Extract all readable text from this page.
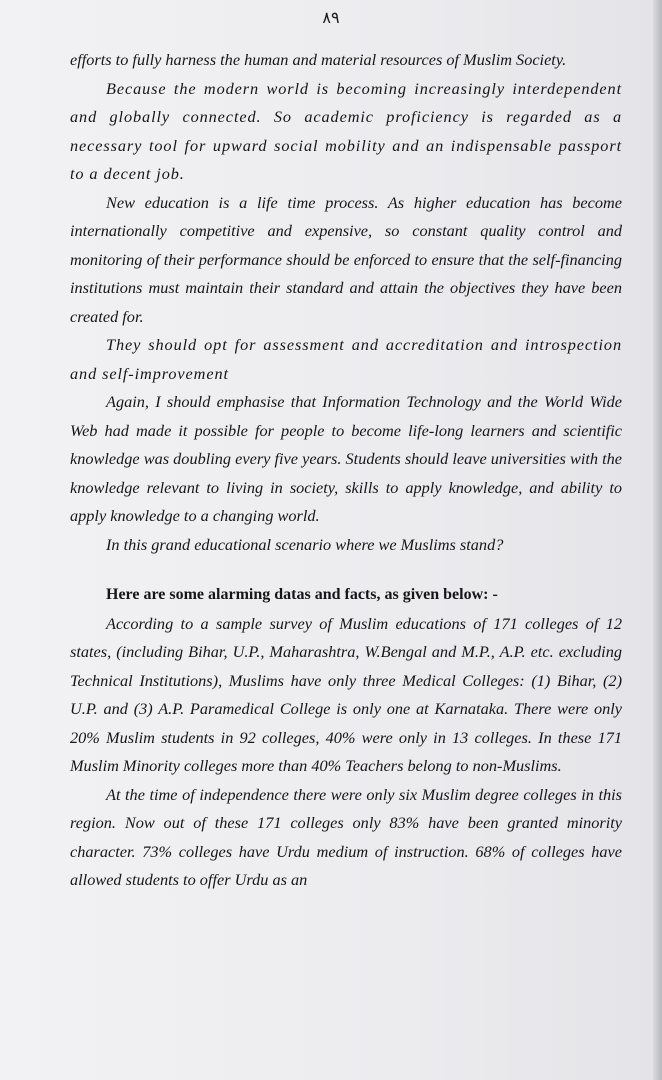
٨٩

efforts to fully harness the human and material resources of Muslim Society.

Because the modern world is becoming increasingly interdependent and globally connected. So academic proficiency is regarded as a necessary tool for upward social mobility and an indispensable passport to a decent job.

New education is a life time process. As higher education has become internationally competitive and expensive, so constant quality control and monitoring of their performance should be enforced to ensure that the self-financing institutions must maintain their standard and attain the objectives they have been created for.

They should opt for assessment and accreditation and introspection and self-improvement

Again, I should emphasise that Information Technology and the World Wide Web had made it possible for people to become life-long learners and scientific knowledge was doubling every five years. Students should leave universities with the knowledge relevant to living in society, skills to apply knowledge, and ability to apply knowledge to a changing world.

In this grand educational scenario where we Muslims stand?

Here are some alarming datas and facts, as given below: -

According to a sample survey of Muslim educations of 171 colleges of 12 states, (including Bihar, U.P., Maharashtra, W.Bengal and M.P., A.P. etc. excluding Technical Institutions), Muslims have only three Medical Colleges: (1) Bihar, (2) U.P. and (3) A.P. Paramedical College is only one at Karnataka. There were only 20% Muslim students in 92 colleges, 40% were only in 13 colleges. In these 171 Muslim Minority colleges more than 40% Teachers belong to non-Muslims.

At the time of independence there were only six Muslim degree colleges in this region. Now out of these 171 colleges only 83% have been granted minority character. 73% colleges have Urdu medium of instruction. 68% of colleges have allowed students to offer Urdu as an
